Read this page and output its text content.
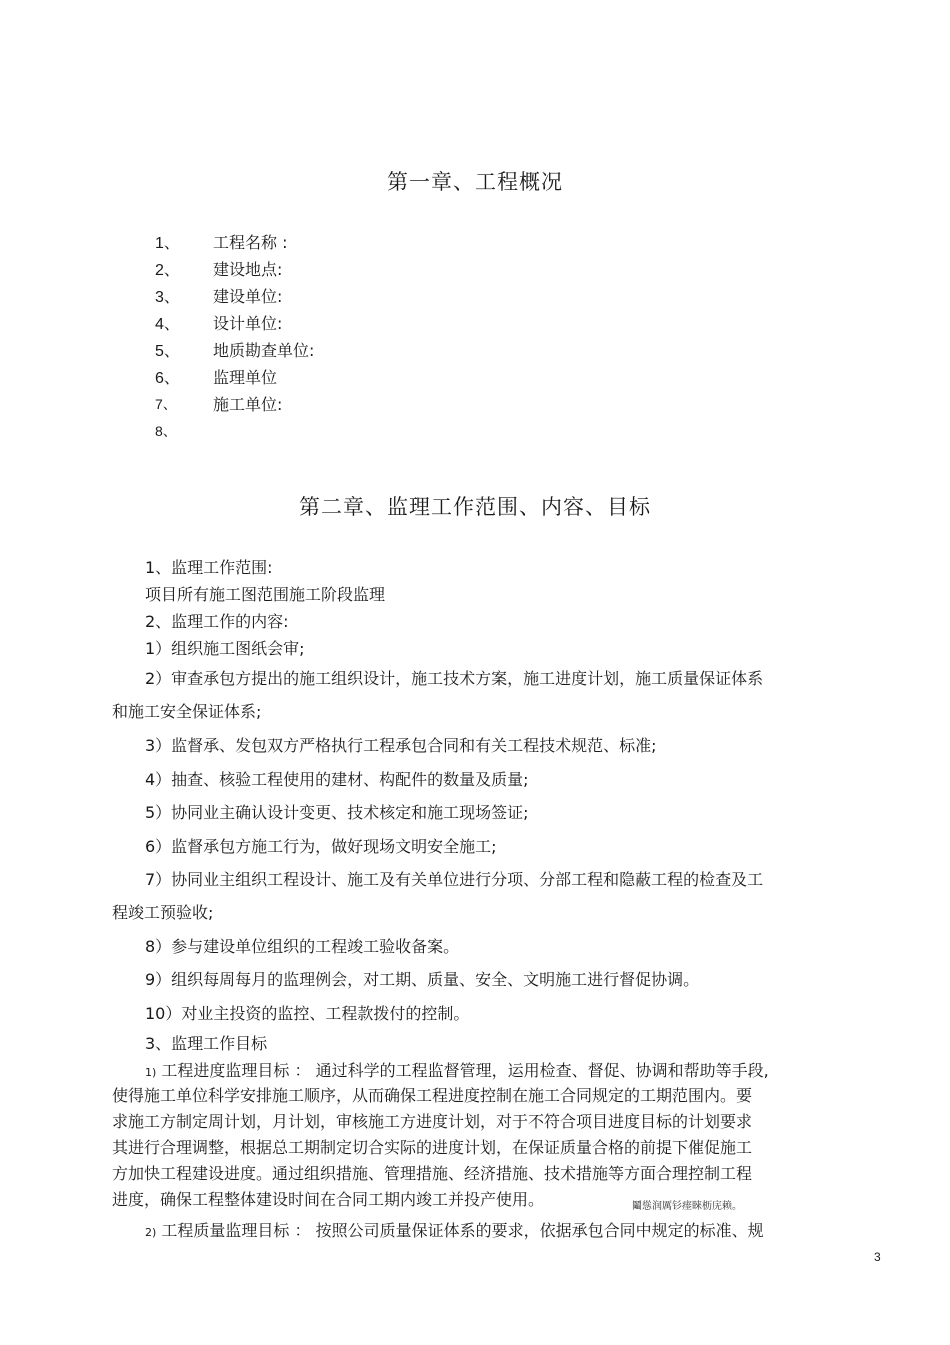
第一章、工程概况
1、	工程名称 :
2、	建设地点:
3、	建设单位:
4、	设计单位:
5、	地质勘查单位:
6、	监理单位
7、	施工单位:
8、
第二章、监理工作范围、内容、目标
1、监理工作范围:
项目所有施工图范围施工阶段监理
2、监理工作的内容:
1）组织施工图纸会审;
2）审查承包方提出的施工组织设计，施工技术方案，施工进度计划，施工质量保证体系
和施工安全保证体系;
3）监督承、发包双方严格执行工程承包合同和有关工程技术规范、标准;
4）抽查、核验工程使用的建材、构配件的数量及质量;
5）协同业主确认设计变更、技术核定和施工现场签证;
6）监督承包方施工行为，做好现场文明安全施工;
7）协同业主组织工程设计、施工及有关单位进行分项、分部工程和隐蔽工程的检查及工
程竣工预验收;
8）参与建设单位组织的工程竣工验收备案。
9）组织每周每月的监理例会，对工期、质量、安全、文明施工进行督促协调。
10）对业主投资的监控、工程款拨付的控制。
3、监理工作目标
1) 工程进度监理目标 ： 通过科学的工程监督管理，运用检查、督促、协调和帮助等手段,
使得施工单位科学安排施工顺序，从而确保工程进度控制在施工合同规定的工期范围内。要
求施工方制定周计划，月计划，审核施工方进度计划，对于不符合项目进度目标的计划要求
其进行合理调整，根据总工期制定切合实际的进度计划，在保证质量合格的前提下催促施工
方加快工程建设进度。通过组织措施、管理措施、经济措施、技术措施等方面合理控制工程
进度，确保工程整体建设时间在合同工期内竣工并投产使用。	鬮慫润厲钐瘗睞枥庑赖。
2) 工程质量监理目标 ： 按照公司质量保证体系的要求，依据承包合同中规定的标准、规
3
